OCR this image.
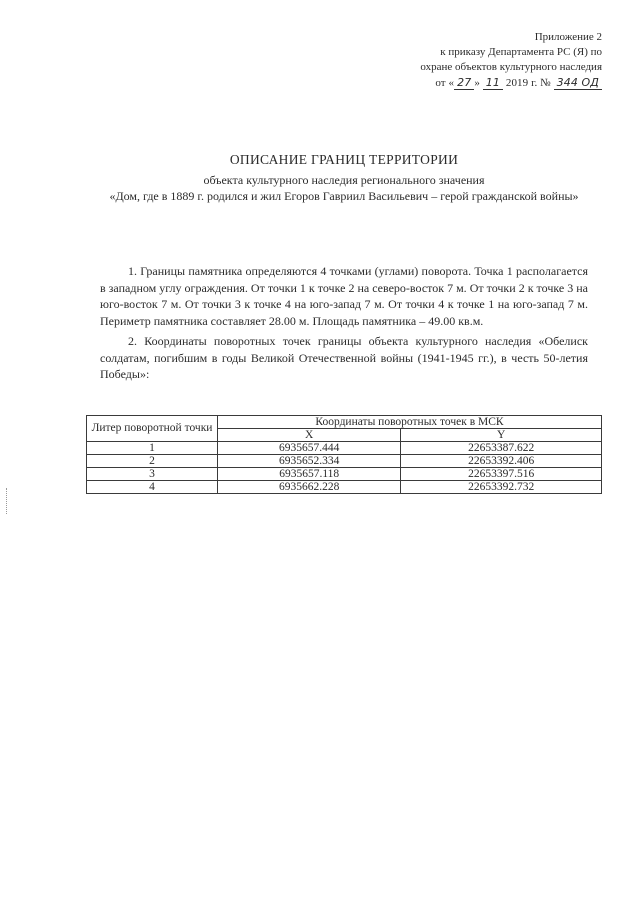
Приложение 2
к приказу Департамента РС (Я) по
охране объектов культурного наследия
от « 27 » 11 2019 г. № 344 ОД
ОПИСАНИЕ ГРАНИЦ ТЕРРИТОРИИ

объекта культурного наследия регионального значения

«Дом, где в 1889 г. родился и жил Егоров Гавриил Васильевич – герой гражданской войны»

1. Границы памятника определяются 4 точками (углами) поворота. Точка 1 располагается в западном углу ограждения. От точки 1 к точке 2 на северо-восток 7 м. От точки 2 к точке 3 на юго-восток 7 м. От точки 3 к точке 4 на юго-запад 7 м. От точки 4 к точке 1 на юго-запад 7 м. Периметр памятника составляет 28.00 м. Площадь памятника – 49.00 кв.м.

2. Координаты поворотных точек границы объекта культурного наследия «Обелиск солдатам, погибшим в годы Великой Отечественной войны (1941-1945 гг.), в честь 50-летия Победы»:

Литер поворотной точки	Координаты поворотных точек в МСК	
	X	Y
1	6935657.444	22653387.622
2	6935652.334	22653392.406
3	6935657.118	22653397.516
4	6935662.228	22653392.732
